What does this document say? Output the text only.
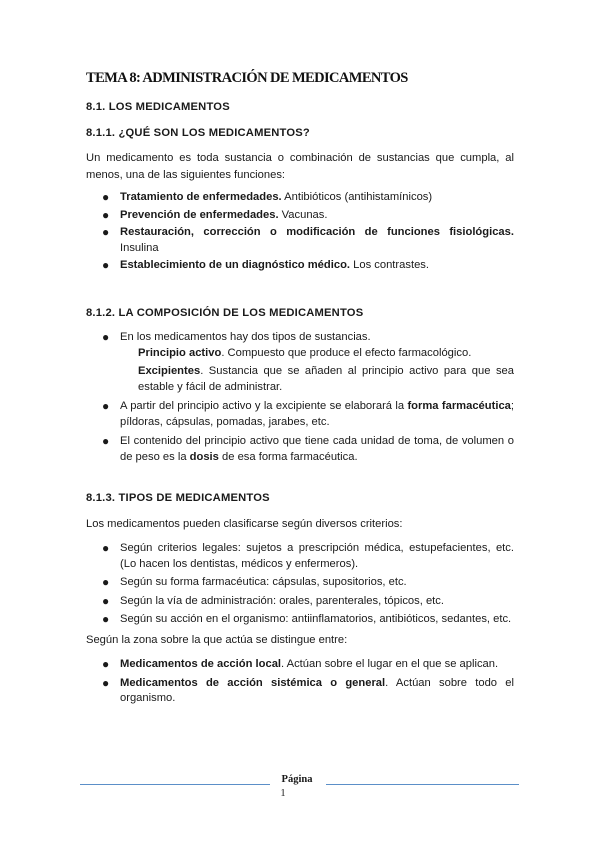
TEMA 8: ADMINISTRACIÓN DE MEDICAMENTOS
8.1. LOS MEDICAMENTOS
8.1.1. ¿QUÉ SON LOS MEDICAMENTOS?
Un medicamento es toda sustancia o combinación de sustancias que cumpla, al menos, una de las siguientes funciones:
● Tratamiento de enfermedades. Antibióticos (antihistamínicos)
● Prevención de enfermedades. Vacunas.
● Restauración, corrección o modificación de funciones fisiológicas. Insulina
● Establecimiento de un diagnóstico médico. Los contrastes.
8.1.2. LA COMPOSICIÓN DE LOS MEDICAMENTOS
● En los medicamentos hay dos tipos de sustancias.
Principio activo. Compuesto que produce el efecto farmacológico.
Excipientes. Sustancia que se añaden al principio activo para que sea estable y fácil de administrar.
● A partir del principio activo y la excipiente se elaborará la forma farmacéutica; píldoras, cápsulas, pomadas, jarabes, etc.
● El contenido del principio activo que tiene cada unidad de toma, de volumen o de peso es la dosis de esa forma farmacéutica.
8.1.3. TIPOS DE MEDICAMENTOS
Los medicamentos pueden clasificarse según diversos criterios:
● Según criterios legales: sujetos a prescripción médica, estupefacientes, etc. (Lo hacen los dentistas, médicos y enfermeros).
● Según su forma farmacéutica: cápsulas, supositorios, etc.
● Según la vía de administración: orales, parenterales, tópicos, etc.
● Según su acción en el organismo: antiinflamatorios, antibióticos, sedantes, etc.
Según la zona sobre la que actúa se distingue entre:
● Medicamentos de acción local. Actúan sobre el lugar en el que se aplican.
● Medicamentos de acción sistémica o general. Actúan sobre todo el organismo.
Página
1
